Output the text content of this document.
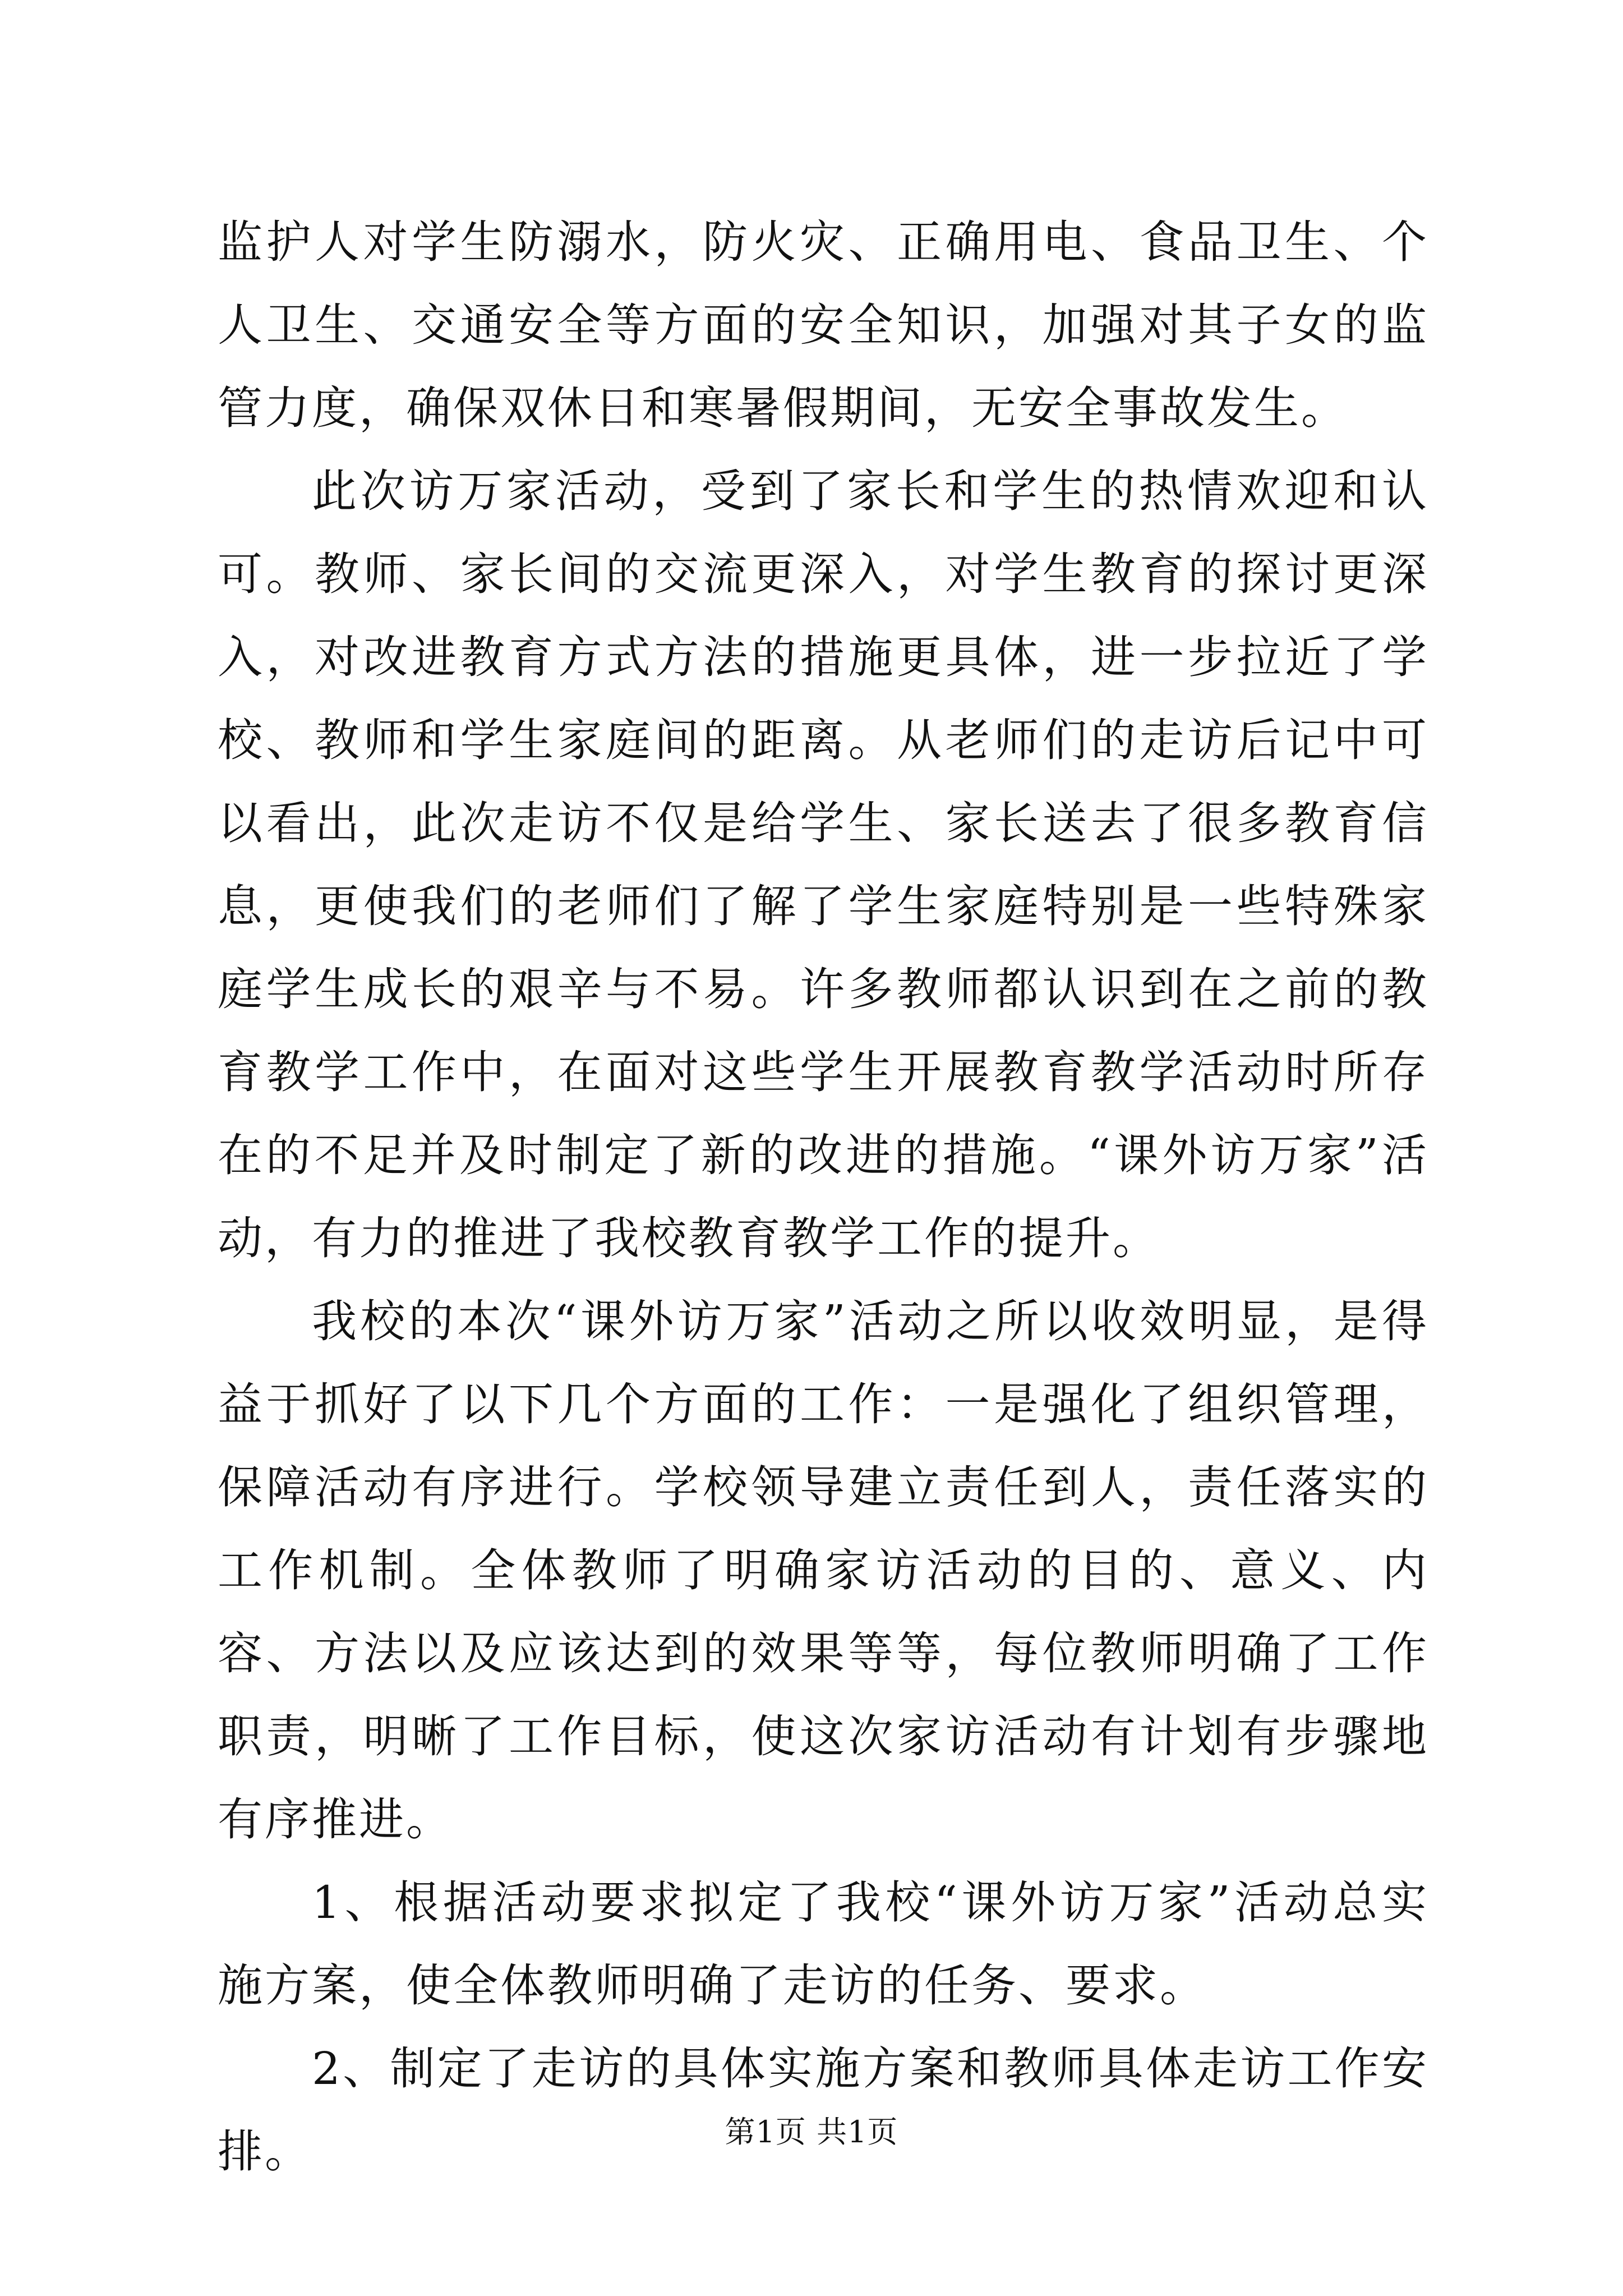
监护人对学生防溺水，防火灾、正确用电、食品卫生、个人卫生、交通安全等方面的安全知识，加强对其子女的监管力度，确保双休日和寒暑假期间，无安全事故发生。

此次访万家活动，受到了家长和学生的热情欢迎和认可。教师、家长间的交流更深入，对学生教育的探讨更深入，对改进教育方式方法的措施更具体，进一步拉近了学校、教师和学生家庭间的距离。从老师们的走访后记中可以看出，此次走访不仅是给学生、家长送去了很多教育信息，更使我们的老师们了解了学生家庭特别是一些特殊家庭学生成长的艰辛与不易。许多教师都认识到在之前的教育教学工作中，在面对这些学生开展教育教学活动时所存在的不足并及时制定了新的改进的措施。“课外访万家”活动，有力的推进了我校教育教学工作的提升。

我校的本次“课外访万家”活动之所以收效明显，是得益于抓好了以下几个方面的工作：一是强化了组织管理，保障活动有序进行。学校领导建立责任到人，责任落实的工作机制。全体教师了明确家访活动的目的、意义、内容、方法以及应该达到的效果等等，每位教师明确了工作职责，明晰了工作目标，使这次家访活动有计划有步骤地有序推进。

1、根据活动要求拟定了我校“课外访万家”活动总实施方案，使全体教师明确了走访的任务、要求。

2、制定了走访的具体实施方案和教师具体走访工作安排。	第1页 共1页
